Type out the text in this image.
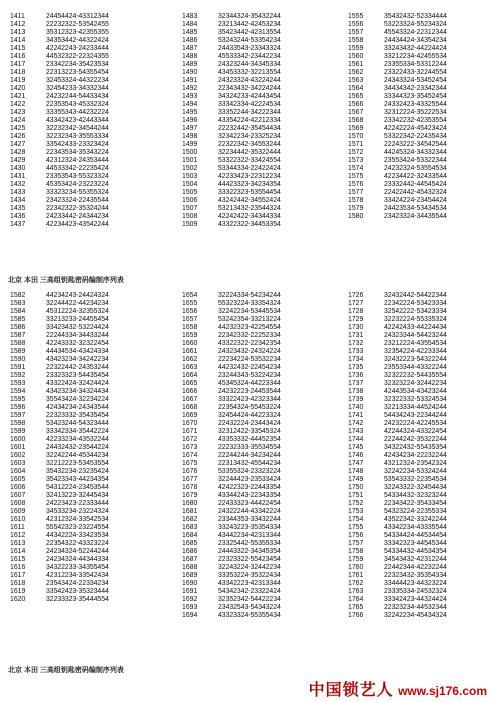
1411
1412
1413
1414
1415
1416
1417
1418
1419
1420
1421
1422
1423
1424
1425
1426
1427
1428
1429
1430
1431
1432
1433
1434
1435
1436
1437
24454424-43312344
22232322-53542455
35312323-42355355
34353442-44322424
42242243-24233444
44532322-22324355
23342234-35423534
22313223-54355454
32453324-44322234
32454233-34332344
24232244-54433434
22353543-45332324
33355343-44232224
43342423-42443344
32232342-34544244
32232343-35553334
33542433-23323424
22343534-35343224
42312324-24353444
44533342-22235424
23353543-55323324
45353424-23223224
33323234-55355324
23423324-22435544
22342322-35324244
24233442-24344234
42234423-43542244
1483
1484
1485
1486
1487
1488
1489
1490
1491
1492
1493
1494
1495
1496
1497
1498
1499
1500
1501
1502
1503
1504
1505
1506
1507
1508
1509
32344324-35432244
23213442-42453234
35423442-42313554
53243244-53354234
24433543-23343324
45533342-23442234
24323244-34345334
43453332-32213554
24323324-43224244
22343432-34224244
34324233-42443454
33342334-42224534
33352244-34222344
43354224-42212334
22232442-35454434
32342234-23325234
22322342-34553244
32234442-35322444
53322322-33424554
53344334-22422424
42233423-22312234
44423323-34234354
33322323-53554454
43242442-34552424
53213432-23544324
42242422-34344334
43322322-34453354
1555
1556
1557
1558
1559
1560
1561
1562
1563
1564
1565
1566
1567
1568
1569
1570
1571
1572
1573
1574
1575
1576
1577
1578
1579
1580
35432432-52334444
53223324-55234324
45543324-22312344
24434424-34354234
33243432-44224424
33212234-42455534
23355334-53312244
23322433-32244554
24343324-53452454
34434342-23342344
33344323-35452454
24332423-43325544
32312224-35222534
23342232-42353554
42242224-45423424
53322342-22435434
22243222-34542544
44245324-34332344
23553424-53322344
24232324-53554534
42234422-32433544
23332442-44545424
22422442-45432324
33424224-23454424
24423534-53434534
23423324-34435544
北京 本田 三高组钥匙密码编制序列表
1582
1583
1584
1585
1586
1587
1588
1589
1590
1591
1592
1593
1594
1595
1596
1597
1598
1599
1600
1601
1602
1603
1604
1605
1606
1607
1608
1609
1610
1611
1612
1613
1614
1615
1616
1617
1618
1619
1620
44234243-24424324
32244422-44234234
45312224-32355324
33213233-24455454
33423432-53224424
22244334-34433244
42243332-32322454
44434534-43424334
43423234-34242234
22322442-24353244
23323323-54435454
43322424-32424424
43423234-34324434
35543424-32234224
42434234-24343544
22323332-35435454
53423244-54323444
33342334-35442224
42233234-43532244
24432432-23544224
32242244-45344234
32212223-53453554
35432234-23235424
35423343-44234354
54312224-23453544
32413223-32445434
24223423-22333444
34533234-23224324
42312324-33542534
55542323-23224554
44342224-33423534
22354322-43323224
24234324-52244244
24234324-44344334
34322233-34355454
42312234-33542434
23543424-22334234
33542423-35323444
32233323-35444554
1654
1655
1656
1657
1658
1659
1660
1661
1662
1663
1664
1665
1666
1667
1668
1669
1670
1671
1672
1673
1674
1675
1676
1677
1678
1679
1680
1681
1682
1683
1684
1685
1686
1687
1688
1689
1690
1691
1692
1693
1694
32224334-54234244
55323224-33354324
32242234-53445534
53242354-33213224
44232323-42254554
22342332-22252334
43322322-22342354
24323432-24324224
22234224-53532234
44232432-22454234
23244343-53224234
45345324-44223344
24232223-24453544
33322423-42323344
22354324-55453224
32454424-44223324
22432224-23443424
32312422-33545324
43353332-44452354
22232333-35534554
22244244-34234244
22313432-45544234
53355324-23323224
32244423-23533424
42422323-22443354
43344243-22343354
22433323-44422454
24322244-43342224
23344353-33432244
33243223-35354334
43442234-42313344
23325442-55355334
24443322-34345354
22323322-55423454
32243224-32442234
33353224-35322434
43342223-42313344
54342342-23322424
32352342-54422234
23432543-54343224
43323324-55355434
1726
1727
1728
1729
1730
1731
1732
1733
1734
1735
1736
1737
1738
1739
1740
1741
1742
1743
1744
1745
1746
1747
1748
1749
1750
1751
1752
1753
1754
1755
1756
1757
1758
1759
1760
1761
1762
1763
1764
1765
1766
32432442-54422344
22342224-53423334
32542222-53423334
32232224-55335324
42242433-44224434
24323344-54423244
23212224-43554534
32354224-42233344
32432223-54322244
23553344-43322244
32322232-54435554
32323224-32442234
42443534-43423244
32322332-53324534
32213334-44524244
54434243-22344244
24232224-42245534
42244324-43322454
22244242-35322244
34322432-55435354
42434234-22232244
43212324-23542324
32242234-53324244
53543332-22354534
32243322-32454434
54334432-32323244
22343422-35433454
54323224-22355334
43522342-33242244
43342234-43335544
54334424-44534454
33342323-44545344
54334432-44534354
34543432-42312244
22442344-42232244
22323432-35354334
33444423-44323224
23335334-24532324
33342423-44324424
22323234-44532344
32242234-45434324
北京 本田 三高组钥匙密码编制序列表
中国锁艺人 www.sj176.com
